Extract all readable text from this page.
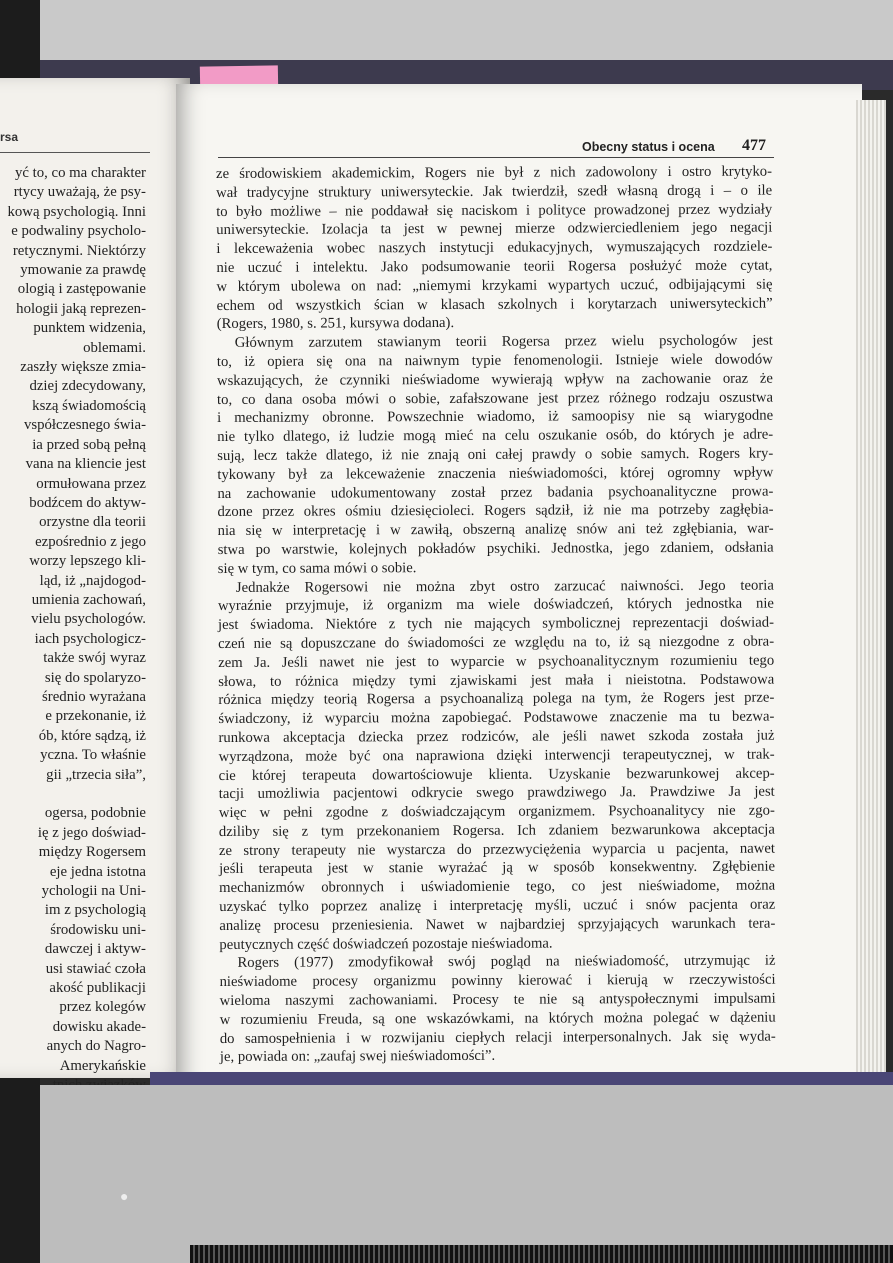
rsa
yć to, co ma charakter
rtycy uważają, że psy-
kową psychologią. Inni
e podwaliny psycholo-
retycznymi. Niektórzy
ymowanie za prawdę
ologią i zastępowanie
hologii jaką reprezen-
punktem widzenia,
oblemami.
zaszły większe zmia-
dziej zdecydowany,
kszą świadomością
vspółczesnego świa-
ia przed sobą pełną
vana na kliencie jest
ormułowana przez
bodźcem do aktyw-
orzystne dla teorii
ezpośrednio z jego
worzy lepszego kli-
ląd, iż „najdogod-
umienia zachowań,
vielu psychologów.
iach psychologicz-
także swój wyraz
się do spolaryzo-
średnio wyrażana
e przekonanie, iż
ób, które sądzą, iż
yczna. To właśnie
gii „trzecia siła”,

ogersa, podobnie
ię z jego doświad-
między Rogersem
eje jedna istotna
ychologii na Uni-
im z psychologią
środowisku uni-
dawczej i aktyw-
usi stawiać czoła
akość publikacji
przez kolegów
dowisku akade-
anych do Nagro-
Amerykańskie
Obecny status i ocena 477

ze środowiskiem akademickim, Rogers nie był z nich zadowolony i ostro krytyko-
wał tradycyjne struktury uniwersyteckie. Jak twierdził, szedł własną drogą i – o ile
to było możliwe – nie poddawał się naciskom i polityce prowadzonej przez wydziały
uniwersyteckie. Izolacja ta jest w pewnej mierze odzwierciedleniem jego negacji
i lekceważenia wobec naszych instytucji edukacyjnych, wymuszających rozdziele-
nie uczuć i intelektu. Jako podsumowanie teorii Rogersa posłużyć może cytat,
w którym ubolewa on nad: „niemymi krzykami wypartych uczuć, odbijającymi się
echem od wszystkich ścian w klasach szkolnych i korytarzach uniwersyteckich”
(Rogers, 1980, s. 251, kursywa dodana).

Głównym zarzutem stawianym teorii Rogersa przez wielu psychologów jest
to, iż opiera się ona na naiwnym typie fenomenologii. Istnieje wiele dowodów
wskazujących, że czynniki nieświadome wywierają wpływ na zachowanie oraz że
to, co dana osoba mówi o sobie, zafałszowane jest przez różnego rodzaju oszustwa
i mechanizmy obronne. Powszechnie wiadomo, iż samoopisy nie są wiarygodne
nie tylko dlatego, iż ludzie mogą mieć na celu oszukanie osób, do których je adre-
sują, lecz także dlatego, iż nie znają oni całej prawdy o sobie samych. Rogers kry-
tykowany był za lekceważenie znaczenia nieświadomości, której ogromny wpływ
na zachowanie udokumentowany został przez badania psychoanalityczne prowa-
dzone przez okres ośmiu dziesięcioleci. Rogers sądził, iż nie ma potrzeby zagłębia-
nia się w interpretację i w zawiłą, obszerną analizę snów ani też zgłębiania, war-
stwa po warstwie, kolejnych pokładów psychiki. Jednostka, jego zdaniem, odsłania
się w tym, co sama mówi o sobie.

Jednakże Rogersowi nie można zbyt ostro zarzucać naiwności. Jego teoria
wyraźnie przyjmuje, iż organizm ma wiele doświadczeń, których jednostka nie
jest świadoma. Niektóre z tych nie mających symbolicznej reprezentacji doświad-
czeń nie są dopuszczane do świadomości ze względu na to, iż są niezgodne z obra-
zem Ja. Jeśli nawet nie jest to wyparcie w psychoanalitycznym rozumieniu tego
słowa, to różnica między tymi zjawiskami jest mała i nieistotna. Podstawowa
różnica między teorią Rogersa a psychoanalizą polega na tym, że Rogers jest prze-
świadczony, iż wyparciu można zapobiegać. Podstawowe znaczenie ma tu bezwa-
runkowa akceptacja dziecka przez rodziców, ale jeśli nawet szkoda została już
wyrządzona, może być ona naprawiona dzięki interwencji terapeutycznej, w trak-
cie której terapeuta dowartościowuje klienta. Uzyskanie bezwarunkowej akcep-
tacji umożliwia pacjentowi odkrycie swego prawdziwego Ja. Prawdziwe Ja jest
więc w pełni zgodne z doświadczającym organizmem. Psychoanalitycy nie zgo-
dziliby się z tym przekonaniem Rogersa. Ich zdaniem bezwarunkowa akceptacja
ze strony terapeuty nie wystarcza do przezwyciężenia wyparcia u pacjenta, nawet
jeśli terapeuta jest w stanie wyrażać ją w sposób konsekwentny. Zgłębienie
mechanizmów obronnych i uświadomienie tego, co jest nieświadome, można
uzyskać tylko poprzez analizę i interpretację myśli, uczuć i snów pacjenta oraz
analizę procesu przeniesienia. Nawet w najbardziej sprzyjających warunkach tera-
peutycznych część doświadczeń pozostaje nieświadoma.

Rogers (1977) zmodyfikował swój pogląd na nieświadomość, utrzymując iż
nieświadome procesy organizmu powinny kierować i kierują w rzeczywistości
wieloma naszymi zachowaniami. Procesy te nie są antyspołecznymi impulsami
w rozumieniu Freuda, są one wskazówkami, na których można polegać w dążeniu
do samospełnienia i w rozwijaniu ciepłych relacji interpersonalnych. Jak się wyda-
je, powiada on: „zaufaj swej nieświadomości”.

●
